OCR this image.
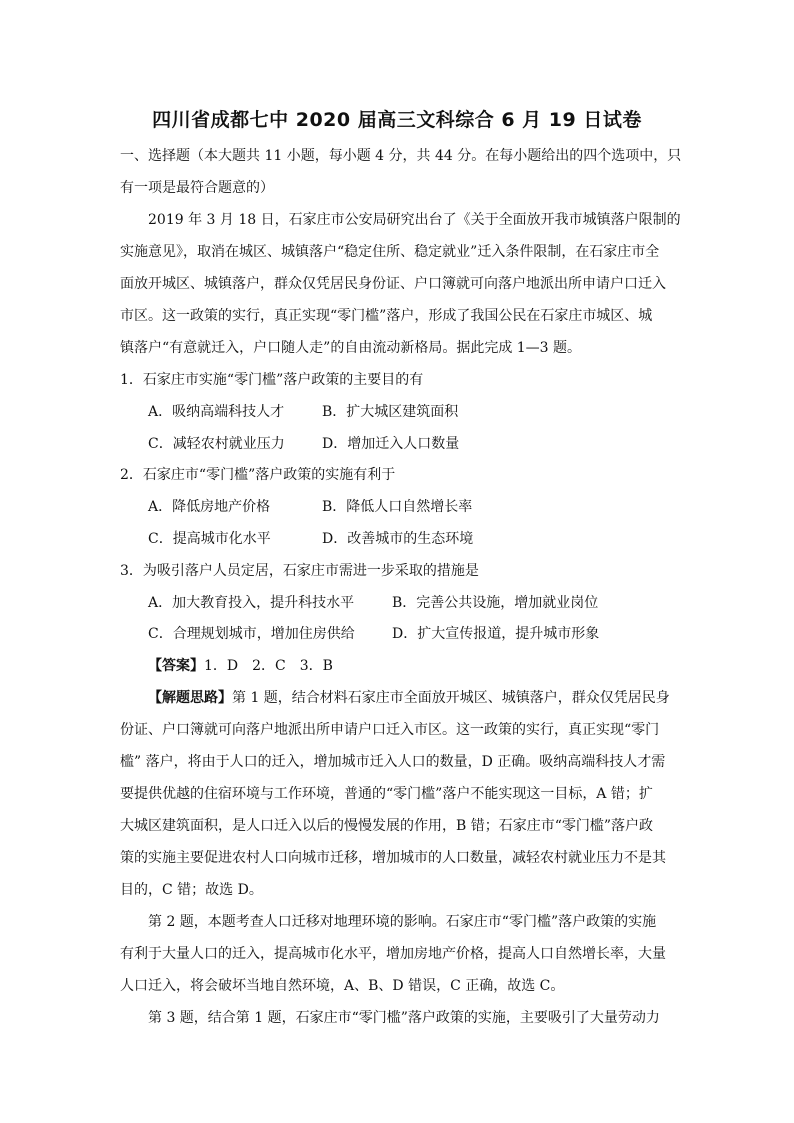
四川省成都七中 2020 届高三文科综合 6 月 19 日试卷
一、选择题（本大题共 11 小题，每小题 4 分，共 44 分。在每小题给出的四个选项中，只
有一项是最符合题意的）
2019 年 3 月 18 日，石家庄市公安局研究出台了《关于全面放开我市城镇落户限制的
实施意见》，取消在城区、城镇落户“稳定住所、稳定就业”迁入条件限制，在石家庄市全
面放开城区、城镇落户，群众仅凭居民身份证、户口簿就可向落户地派出所申请户口迁入
市区。这一政策的实行，真正实现“零门槛”落户，形成了我国公民在石家庄市城区、城
镇落户“有意就迁入，户口随人走”的自由流动新格局。据此完成 1—3 题。
1．石家庄市实施“零门槛”落户政策的主要目的有
A．吸纳高端科技人才	B．扩大城区建筑面积
C．减轻农村就业压力	D．增加迁入人口数量
2．石家庄市“零门槛”落户政策的实施有利于
A．降低房地产价格	B．降低人口自然增长率
C．提高城市化水平	D．改善城市的生态环境
3．为吸引落户人员定居，石家庄市需进一步采取的措施是
A．加大教育投入，提升科技水平	B．完善公共设施，增加就业岗位
C．合理规划城市，增加住房供给	D．扩大宣传报道，提升城市形象
【答案】1．D　2．C　3．B
【解题思路】第 1 题，结合材料石家庄市全面放开城区、城镇落户，群众仅凭居民身
份证、户口簿就可向落户地派出所申请户口迁入市区。这一政策的实行，真正实现“零门
槛” 落户，将由于人口的迁入，增加城市迁入人口的数量，D 正确。吸纳高端科技人才需
要提供优越的住宿环境与工作环境，普通的“零门槛”落户不能实现这一目标，A 错；扩
大城区建筑面积，是人口迁入以后的慢慢发展的作用，B 错；石家庄市“零门槛”落户政
策的实施主要促进农村人口向城市迁移，增加城市的人口数量，减轻农村就业压力不是其
目的，C 错；故选 D。
第 2 题，本题考查人口迁移对地理环境的影响。石家庄市“零门槛”落户政策的实施
有利于大量人口的迁入，提高城市化水平，增加房地产价格，提高人口自然增长率，大量
人口迁入，将会破坏当地自然环境，A、B、D 错误，C 正确，故选 C。
第 3 题，结合第 1 题，石家庄市“零门槛”落户政策的实施，主要吸引了大量劳动力
